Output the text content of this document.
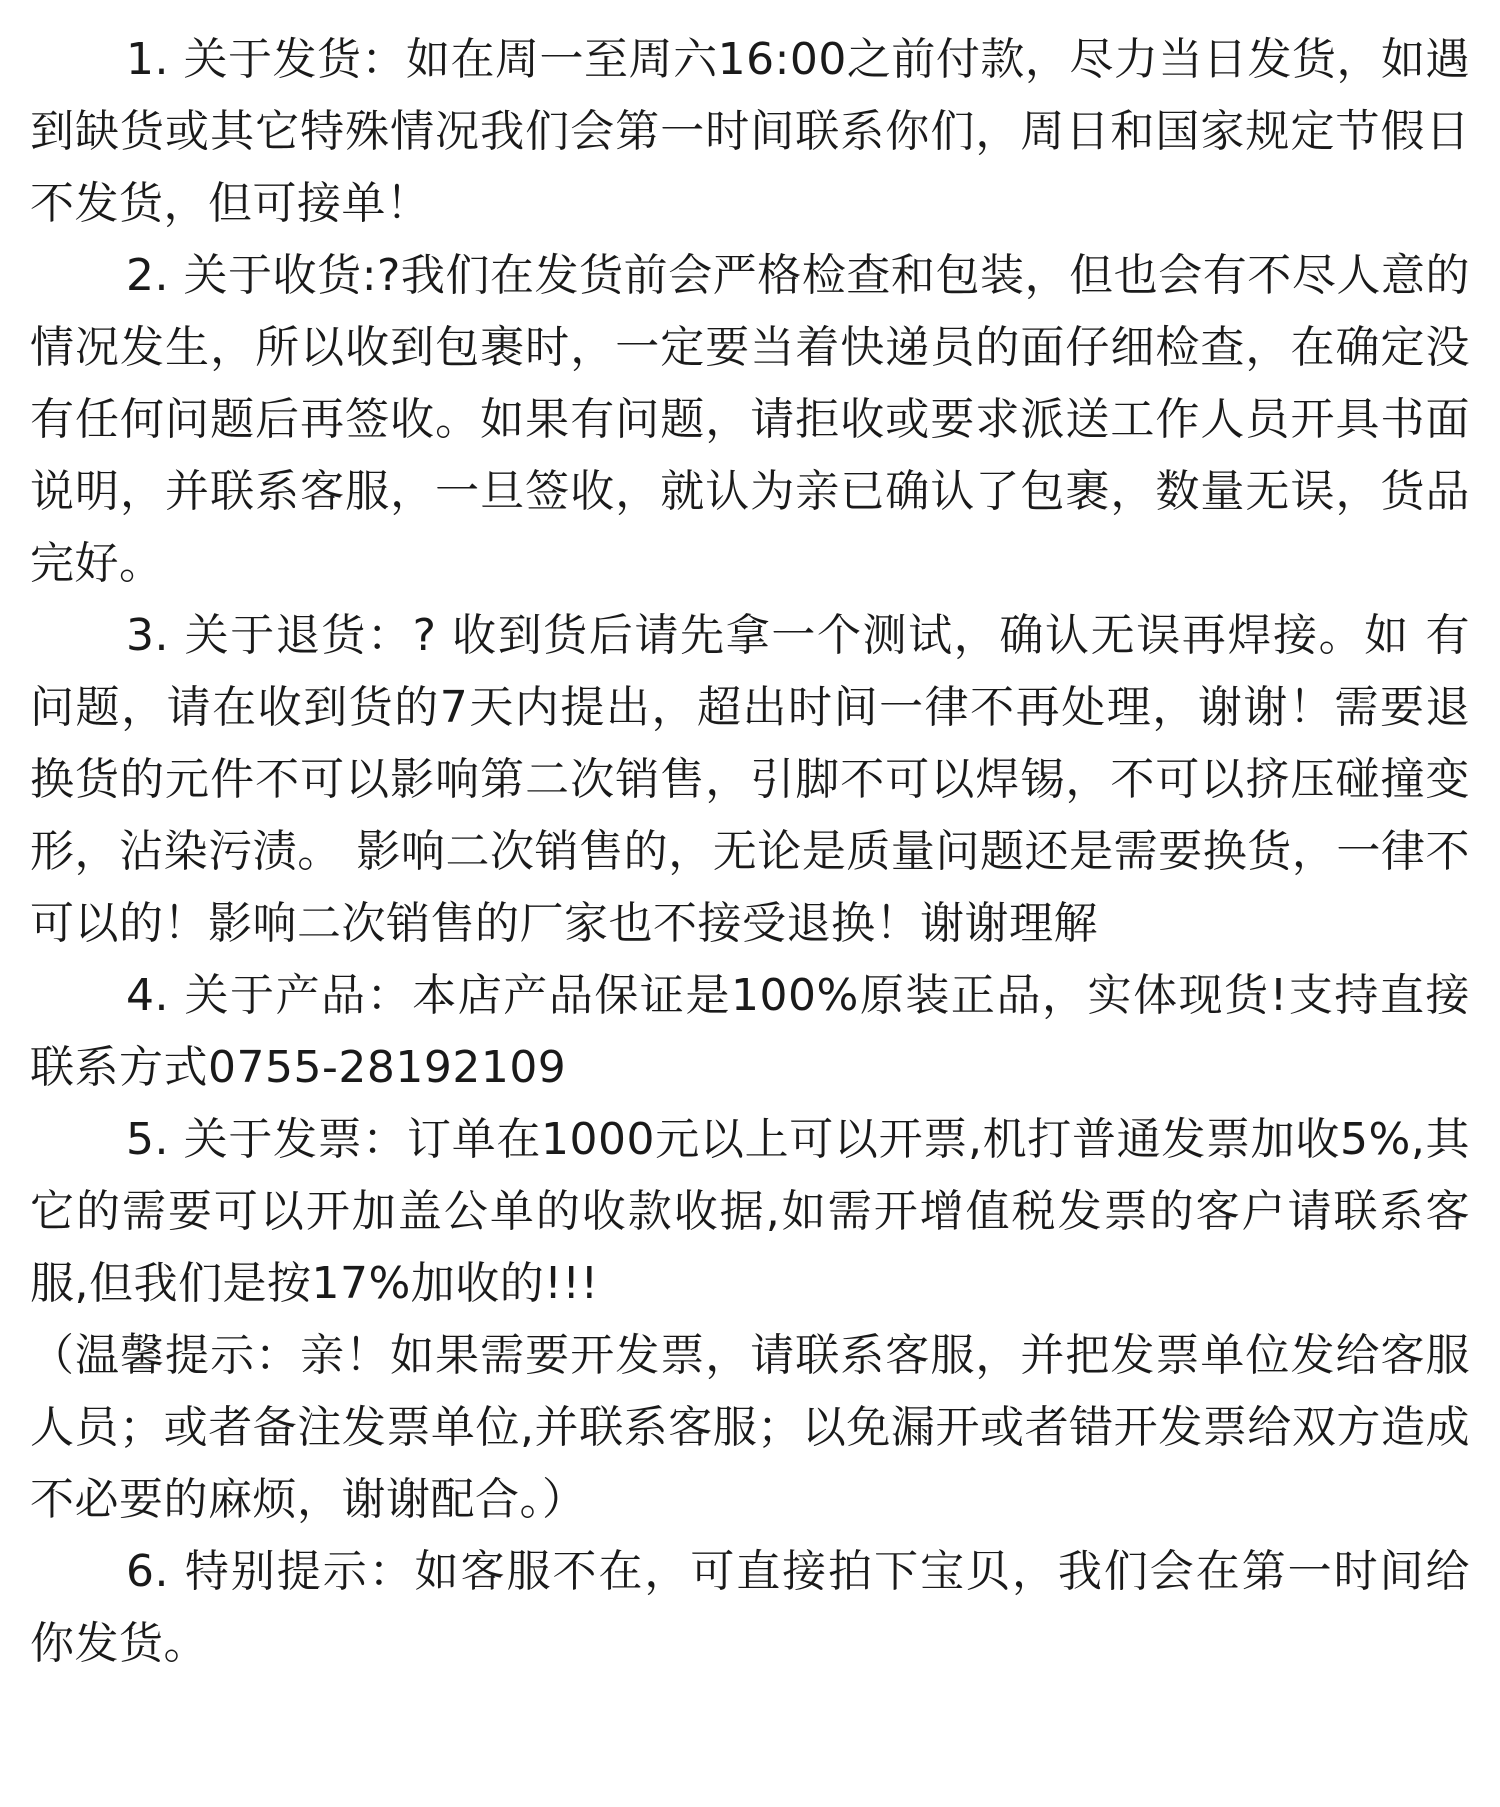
1. 关于发货：如在周一至周六16:00之前付款，尽力当日发货，如遇到缺货或其它特殊情况我们会第一时间联系你们，周日和国家规定节假日不发货，但可接单！

2. 关于收货:?我们在发货前会严格检查和包装，但也会有不尽人意的情况发生，所以收到包裹时，一定要当着快递员的面仔细检查，在确定没有任何问题后再签收。如果有问题，请拒收或要求派送工作人员开具书面说明，并联系客服，一旦签收，就认为亲已确认了包裹，数量无误，货品完好。

3. 关于退货：? 收到货后请先拿一个测试，确认无误再焊接。如 有问题，请在收到货的7天内提出，超出时间一律不再处理，谢谢！需要退换货的元件不可以影响第二次销售，引脚不可以焊锡，不可以挤压碰撞变形，沾染污渍。 影响二次销售的，无论是质量问题还是需要换货，一律不可以的！影响二次销售的厂家也不接受退换！谢谢理解

4. 关于产品：本店产品保证是100%原装正品，实体现货!支持直接联系方式0755-28192109

5. 关于发票：订单在1000元以上可以开票,机打普通发票加收5%,其它的需要可以开加盖公单的收款收据,如需开增值税发票的客户请联系客服,但我们是按17%加收的!!!

（温馨提示：亲！如果需要开发票，请联系客服，并把发票单位发给客服人员；或者备注发票单位,并联系客服；以免漏开或者错开发票给双方造成不必要的麻烦，谢谢配合。）

6. 特别提示：如客服不在，可直接拍下宝贝，我们会在第一时间给你发货。
